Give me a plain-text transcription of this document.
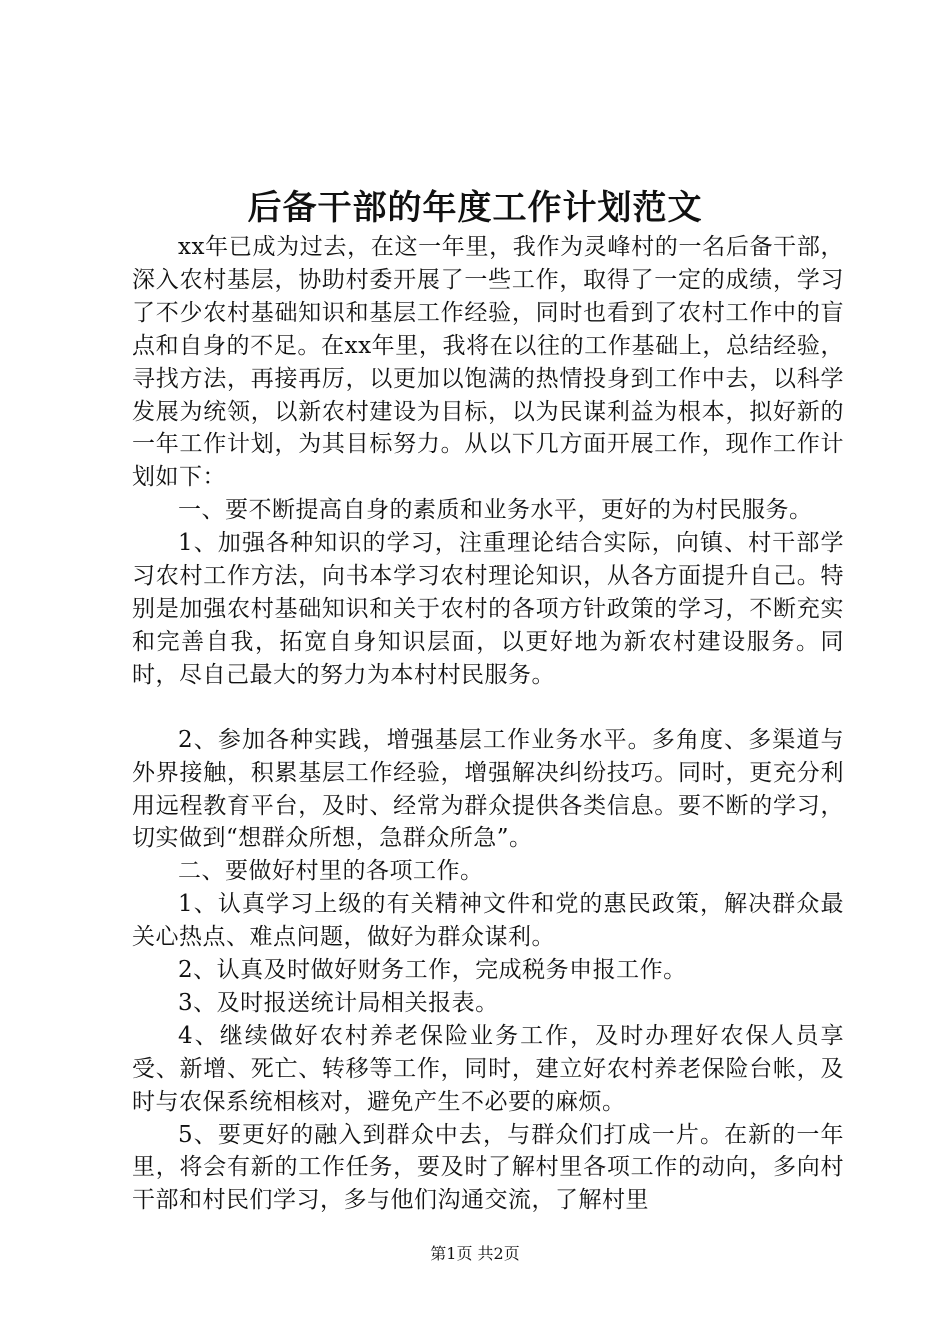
后备干部的年度工作计划范文

xx年已成为过去，在这一年里，我作为灵峰村的一名后备干部，深入农村基层，协助村委开展了一些工作，取得了一定的成绩，学习了不少农村基础知识和基层工作经验，同时也看到了农村工作中的盲点和自身的不足。在xx年里，我将在以往的工作基础上，总结经验，寻找方法，再接再厉，以更加以饱满的热情投身到工作中去，以科学发展为统领，以新农村建设为目标，以为民谋利益为根本，拟好新的一年工作计划，为其目标努力。从以下几方面开展工作，现作工作计划如下：

一、要不断提高自身的素质和业务水平，更好的为村民服务。

1、加强各种知识的学习，注重理论结合实际，向镇、村干部学习农村工作方法，向书本学习农村理论知识，从各方面提升自己。特别是加强农村基础知识和关于农村的各项方针政策的学习，不断充实和完善自我，拓宽自身知识层面，以更好地为新农村建设服务。同时，尽自己最大的努力为本村村民服务。

2、参加各种实践，增强基层工作业务水平。多角度、多渠道与外界接触，积累基层工作经验，增强解决纠纷技巧。同时，更充分利用远程教育平台，及时、经常为群众提供各类信息。要不断的学习，切实做到“想群众所想，急群众所急”。

二、要做好村里的各项工作。

1、认真学习上级的有关精神文件和党的惠民政策，解决群众最关心热点、难点问题，做好为群众谋利。

2、认真及时做好财务工作，完成税务申报工作。

3、及时报送统计局相关报表。

4、继续做好农村养老保险业务工作，及时办理好农保人员享受、新增、死亡、转移等工作，同时，建立好农村养老保险台帐，及时与农保系统相核对，避免产生不必要的麻烦。

5、要更好的融入到群众中去，与群众们打成一片。在新的一年里，将会有新的工作任务，要及时了解村里各项工作的动向，多向村干部和村民们学习，多与他们沟通交流，了解村里

第1页 共2页
